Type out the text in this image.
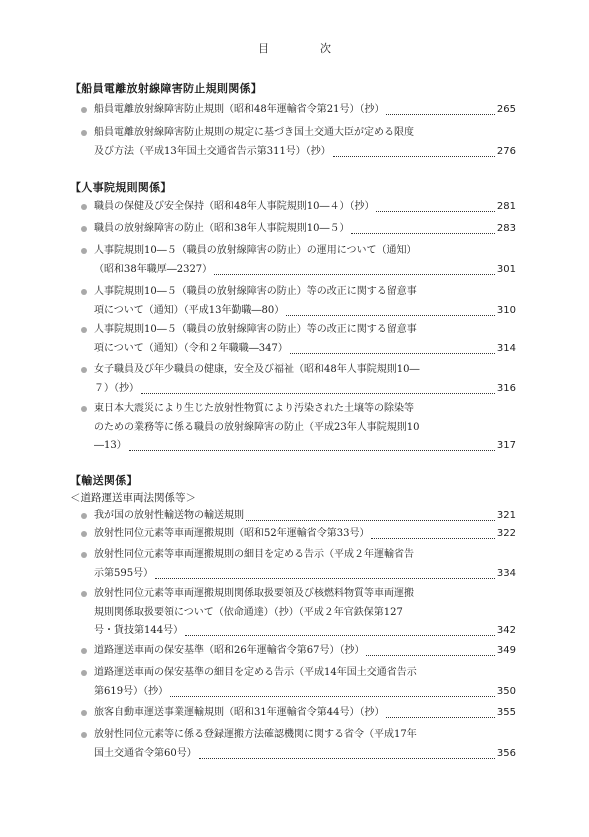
目　次
【船員電離放射線障害防止規則関係】
船員電離放射線障害防止規則（昭和48年運輸省令第21号）（抄）	265
船員電離放射線障害防止規則の規定に基づき国土交通大臣が定める限度
及び方法（平成13年国土交通省告示第311号）（抄）	276
【人事院規則関係】
職員の保健及び安全保持（昭和48年人事院規則10―４）（抄）	281
職員の放射線障害の防止（昭和38年人事院規則10―５）	283
人事院規則10―５（職員の放射線障害の防止）の運用について（通知）
（昭和38年職厚―2327）	301
人事院規則10―５（職員の放射線障害の防止）等の改正に関する留意事
項について（通知）（平成13年勤職―80）	310
人事院規則10―５（職員の放射線障害の防止）等の改正に関する留意事
項について（通知）（令和２年職職―347）	314
女子職員及び年少職員の健康，安全及び福祉（昭和48年人事院規則10―
７）（抄）	316
東日本大震災により生じた放射性物質により汚染された土壌等の除染等
のための業務等に係る職員の放射線障害の防止（平成23年人事院規則10
―13）	317
【輸送関係】
＜道路運送車両法関係等＞
我が国の放射性輸送物の輸送規則	321
放射性同位元素等車両運搬規則（昭和52年運輸省令第33号）	322
放射性同位元素等車両運搬規則の細目を定める告示（平成２年運輸省告
示第595号）	334
放射性同位元素等車両運搬規則関係取扱要領及び核燃料物質等車両運搬
規則関係取扱要領について（依命通達）（抄）（平成２年官鉄保第127
号・貨技第144号）	342
道路運送車両の保安基準（昭和26年運輸省令第67号）（抄）	349
道路運送車両の保安基準の細目を定める告示（平成14年国土交通省告示
第619号）（抄）	350
旅客自動車運送事業運輸規則（昭和31年運輸省令第44号）（抄）	355
放射性同位元素等に係る登録運搬方法確認機関に関する省令（平成17年
国土交通省令第60号）	356
